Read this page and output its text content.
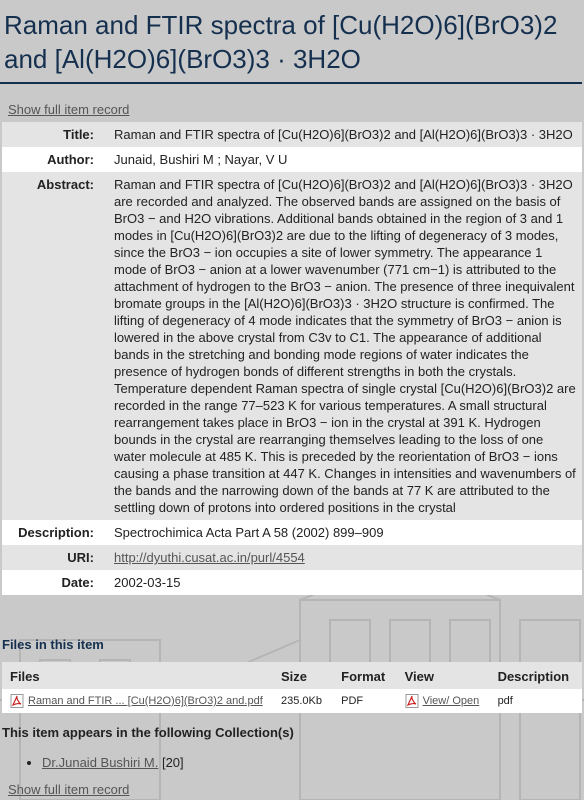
Raman and FTIR spectra of [Cu(H2O)6](BrO3)2 and [Al(H2O)6](BrO3)3 · 3H2O
Show full item record
Title:	Raman and FTIR spectra of [Cu(H2O)6](BrO3)2 and [Al(H2O)6](BrO3)3 · 3H2O
Author:	Junaid, Bushiri M ; Nayar, V U
Abstract:	Raman and FTIR spectra of [Cu(H2O)6](BrO3)2 and [Al(H2O)6](BrO3)3 · 3H2O are recorded and analyzed. The observed bands are assigned on the basis of BrO3 − and H2O vibrations. Additional bands obtained in the region of 3 and 1 modes in [Cu(H2O)6](BrO3)2 are due to the lifting of degeneracy of 3 modes, since the BrO3 − ion occupies a site of lower symmetry. The appearance 1 mode of BrO3 − anion at a lower wavenumber (771 cm−1) is attributed to the attachment of hydrogen to the BrO3 − anion. The presence of three inequivalent bromate groups in the [Al(H2O)6](BrO3)3 · 3H2O structure is confirmed. The lifting of degeneracy of 4 mode indicates that the symmetry of BrO3 − anion is lowered in the above crystal from C3v to C1. The appearance of additional bands in the stretching and bonding mode regions of water indicates the presence of hydrogen bonds of different strengths in both the crystals. Temperature dependent Raman spectra of single crystal [Cu(H2O)6](BrO3)2 are recorded in the range 77–523 K for various temperatures. A small structural rearrangement takes place in BrO3 − ion in the crystal at 391 K. Hydrogen bounds in the crystal are rearranging themselves leading to the loss of one water molecule at 485 K. This is preceded by the reorientation of BrO3 − ions causing a phase transition at 447 K. Changes in intensities and wavenumbers of the bands and the narrowing down of the bands at 77 K are attributed to the settling down of protons into ordered positions in the crystal
Description:	Spectrochimica Acta Part A 58 (2002) 899–909
URI:	http://dyuthi.cusat.ac.in/purl/4554
Date:	2002-03-15
Files in this item
Files	Size	Format	View	Description
Raman and FTIR ... [Cu(H2O)6](BrO3)2 and.pdf	235.0Kb	PDF	View/ Open	pdf
This item appears in the following Collection(s)
• Dr.Junaid Bushiri M. [20]
Show full item record
